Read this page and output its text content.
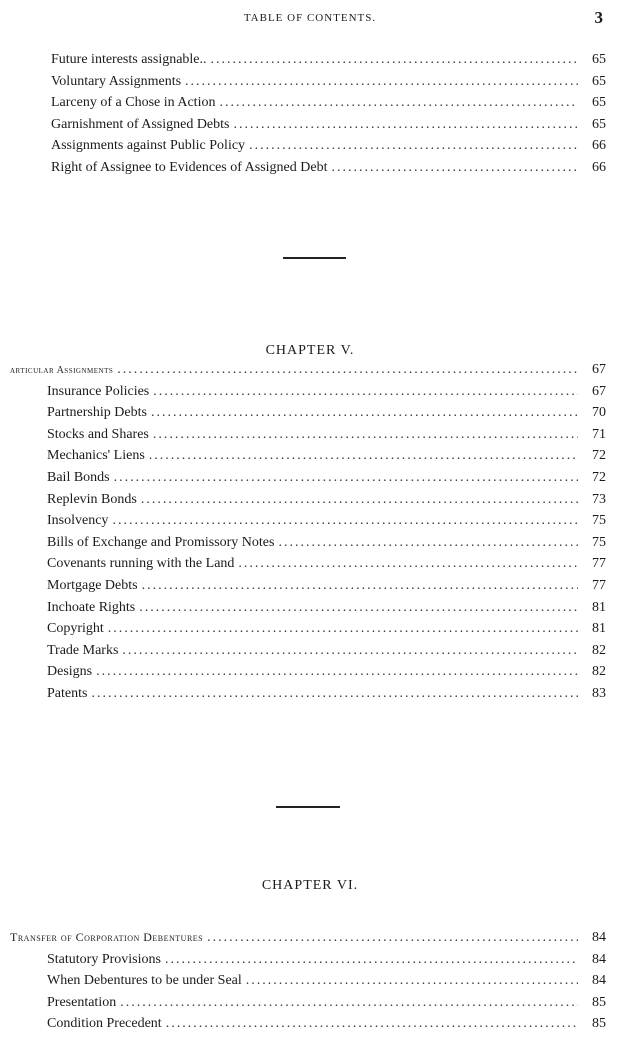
TABLE OF CONTENTS.	3
Future interests assignable.. .....	65
Voluntary Assignments .....	65
Larceny of a Chose in Action .....	65
Garnishment of Assigned Debts .....	65
Assignments against Public Policy .....	66
Right of Assignee to Evidences of Assigned Debt .....	66
CHAPTER V.
articular Assignments .....	67
Insurance Policies .....	67
Partnership Debts .....	70
Stocks and Shares .....	71
Mechanics' Liens .....	72
Bail Bonds .....	72
Replevin Bonds .....	73
Insolvency .....	75
Bills of Exchange and Promissory Notes .....	75
Covenants running with the Land .....	77
Mortgage Debts .....	77
Inchoate Rights .....	81
Copyright .....	81
Trade Marks .....	82
Designs .....	82
Patents .....	83
CHAPTER VI.
Transfer of Corporation Debentures .....	84
Statutory Provisions .....	84
When Debentures to be under Seal .....	84
Presentation .....	85
Condition Precedent .....	85
